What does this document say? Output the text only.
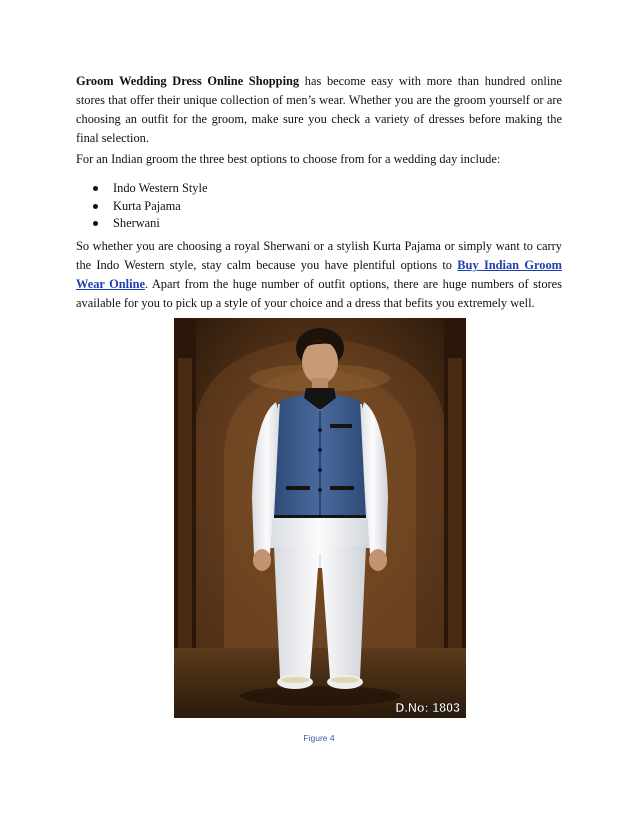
Groom Wedding Dress Online Shopping has become easy with more than hundred online stores that offer their unique collection of men’s wear. Whether you are the groom yourself or are choosing an outfit for the groom, make sure you check a variety of dresses before making the final selection.

For an Indian groom the three best options to choose from for a wedding day include:

Indo Western Style
Kurta Pajama
Sherwani

So whether you are choosing a royal Sherwani or a stylish Kurta Pajama or simply want to carry the Indo Western style, stay calm because you have plentiful options to Buy Indian Groom Wear Online. Apart from the huge number of outfit options, there are huge numbers of stores available for you to pick up a style of your choice and a dress that befits you extremely well.

D.No: 1803
Figure 4
